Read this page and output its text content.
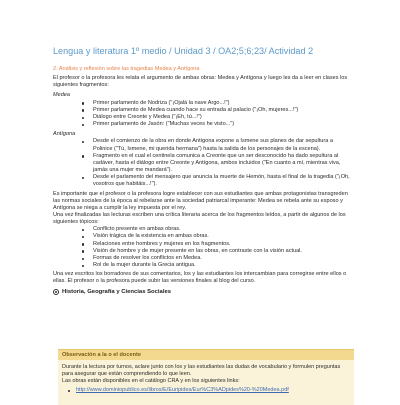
Lengua y literatura 1º medio / Unidad 3 / OA2;5;6;23/ Actividad 2
2. Análisis y reflexión sobre las tragedias Medea y Antígona

El profesor o la profesora les relata el argumento de ambas obras: Medea y Antígona y luego les da a leer en clases los siguientes fragmentos:

Medea
Primer parlamento de Nodriza ("¡Ojalá la nave Argo...!")
Primer parlamento de Medea cuando hace su entrada al palacio ("¡Oh, mujeres...!")
Diálogo entre Creonte y Medea ("¡Eh, tú...!")
Primer parlamento de Jasón: ("Muchas veces he visto...")
Antígona
Desde el comienzo de la obra en donde Antígona expone a Ismene sus planes de dar sepultura a Polinice ("Tú, Ismene, mi querida hermana") hasta la salida de los personajes de la escena).
Fragmento en el cual el centinela comunica a Creonte que un ser desconocido ha dado sepultura al cadáver, hasta el diálogo entre Creonte y Antígona, ambos incluidos ("En cuanto a mí, mientras viva, jamás una mujer me mandará").
Desde el parlamento del mensajero que anuncia la muerte de Hemón, hasta el final de la tragedia ("¡Oh, vosotros que habitáis...!").

Es importante que el profesor o la profesora logre establecer con sus estudiantes que ambas protagonistas transgreden las normas sociales de la época al rebelarse ante la sociedad patriarcal imperante: Medea se rebela ante su esposo y Antígona se niega a cumplir la ley impuesta por el rey.

Una vez finalizadas las lecturas escriben una crítica literaria acerca de los fragmentos leídos, a partir de algunos de los siguientes tópicos:

Conflicto presente en ambas obras.
Visión trágica de la existencia en ambas obras.
Relaciones entre hombres y mujeres en los fragmentos.
Visión de hombre y de mujer presente en las obras, en contraste con la visión actual.
Formas de resolver los conflictos en Medea.
Rol de la mujer durante la Grecia antigua.

Una vez escritos los borradores de sus comentarios, los y las estudiantes los intercambian para corregirse entre ellos o ellas. El profesor o la profesora puede subir las versiones finales al blog del curso.

Historia, Geografía y Ciencias Sociales
Observación a la o el docente

Durante la lectura por turnos, aclare junto con los y las estudiantes las dudas de vocabulario y formulen preguntas para asegurar que están comprendiendo lo que leen.

Las obras están disponibles en el catálogo CRA y en los siguientes links:

http://www.dominiopublico.es/libros/E/Euripides/Eur%C3%ADpides%20-%20Medea.pdf
